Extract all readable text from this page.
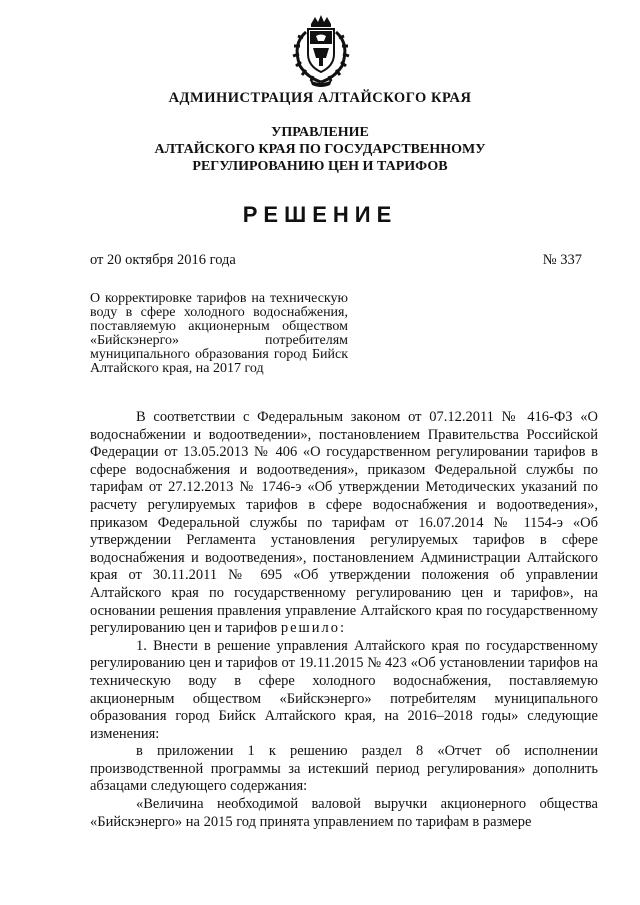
АДМИНИСТРАЦИЯ АЛТАЙСКОГО КРАЯ
УПРАВЛЕНИЕ
АЛТАЙСКОГО КРАЯ ПО ГОСУДАРСТВЕННОМУ
РЕГУЛИРОВАНИЮ ЦЕН И ТАРИФОВ
РЕШЕНИЕ
от 20 октября 2016 года	№ 337
О корректировке тарифов на техническую воду в сфере холодного водоснабжения, поставляемую акционерным обществом «Бийскэнерго» потребителям муниципального образования город Бийск Алтайского края, на 2017 год

В соответствии с Федеральным законом от 07.12.2011 № 416-ФЗ «О водоснабжении и водоотведении», постановлением Правительства Российской Федерации от 13.05.2013 № 406 «О государственном регулировании тарифов в сфере водоснабжения и водоотведения», приказом Федеральной службы по тарифам от 27.12.2013 № 1746-э «Об утверждении Методических указаний по расчету регулируемых тарифов в сфере водоснабжения и водоотведения», приказом Федеральной службы по тарифам от 16.07.2014 № 1154-э «Об утверждении Регламента установления регулируемых тарифов в сфере водоснабжения и водоотведения», постановлением Администрации Алтайского края от 30.11.2011 № 695 «Об утверждении положения об управлении Алтайского края по государственному регулированию цен и тарифов», на основании решения правления управление Алтайского края по государственному регулированию цен и тарифов решило:

1. Внести в решение управления Алтайского края по государственному регулированию цен и тарифов от 19.11.2015 № 423 «Об установлении тарифов на техническую воду в сфере холодного водоснабжения, поставляемую акционерным обществом «Бийскэнерго» потребителям муниципального образования город Бийск Алтайского края, на 2016–2018 годы» следующие изменения:

в приложении 1 к решению раздел 8 «Отчет об исполнении производственной программы за истекший период регулирования» дополнить абзацами следующего содержания:

«Величина необходимой валовой выручки акционерного общества «Бийскэнерго» на 2015 год принята управлением по тарифам в размере
